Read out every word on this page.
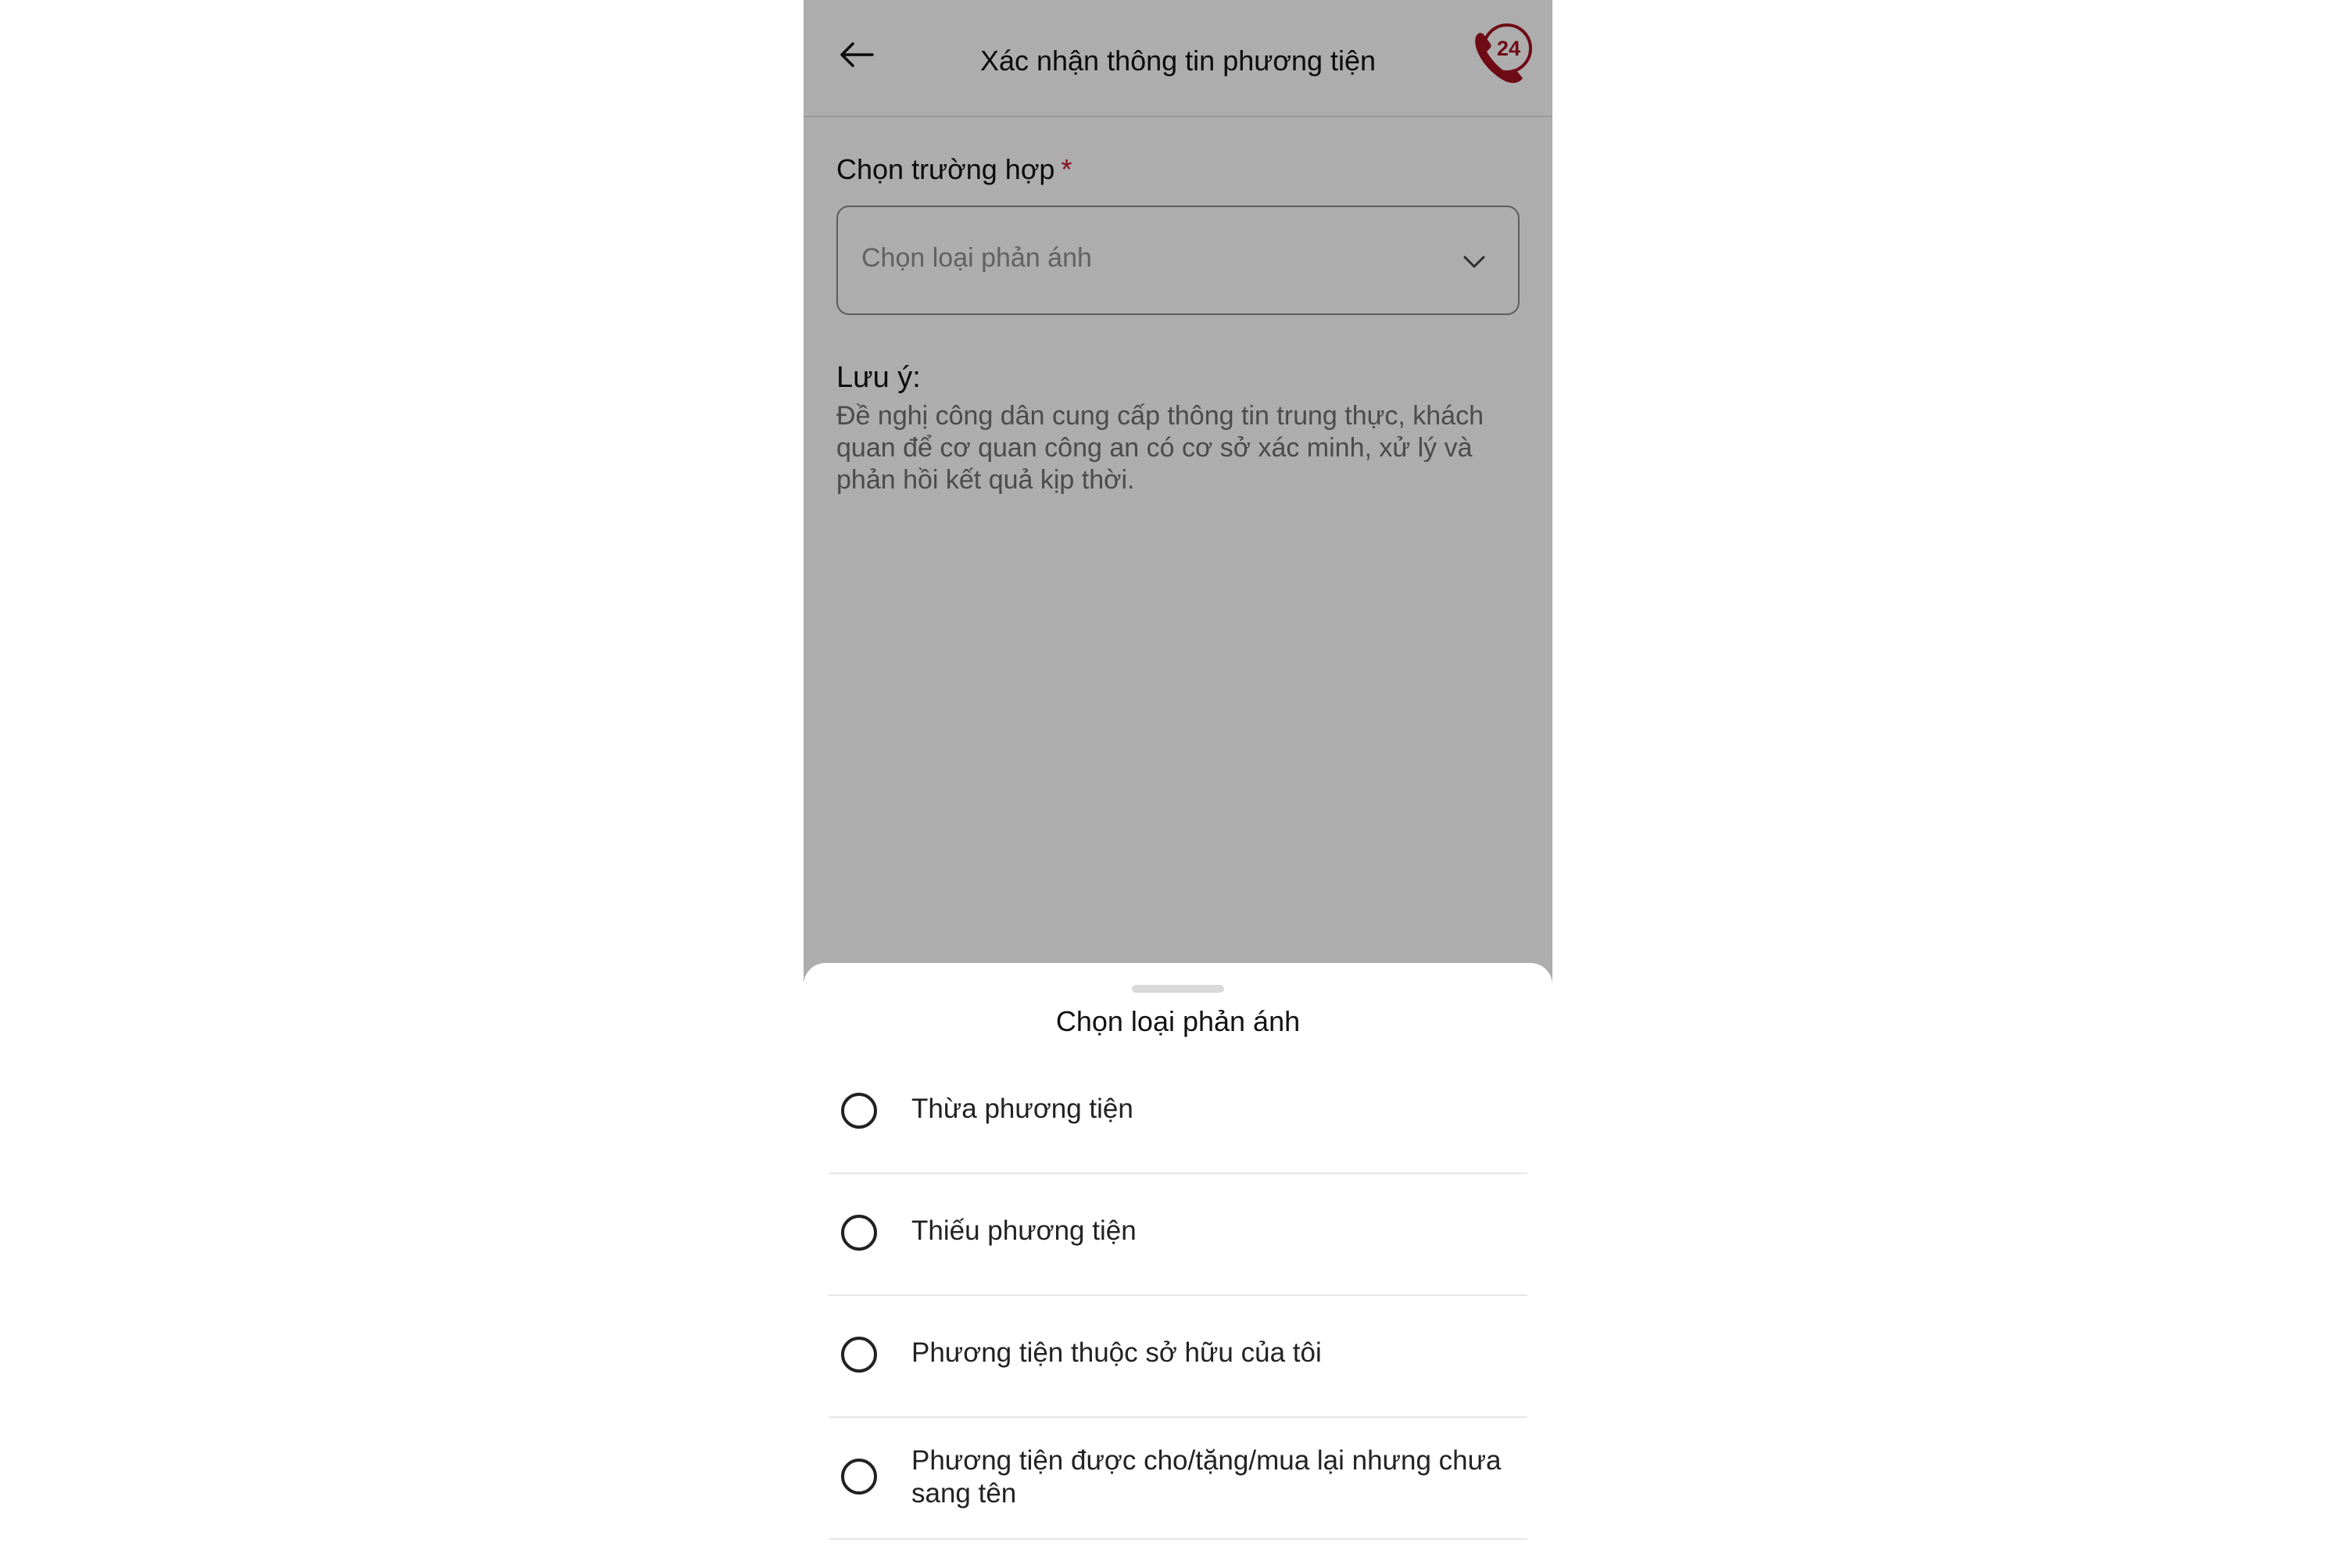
Xác nhận thông tin phương tiện	24
Chọn trường hợp *
Chọn loại phản ánh
Lưu ý:
Đề nghị công dân cung cấp thông tin trung thực, khách quan để cơ quan công an có cơ sở xác minh, xử lý và phản hồi kết quả kịp thời.
Chọn loại phản ánh
Thừa phương tiện
Thiếu phương tiện
Phương tiện thuộc sở hữu của tôi
Phương tiện được cho/tặng/mua lại nhưng chưa sang tên
